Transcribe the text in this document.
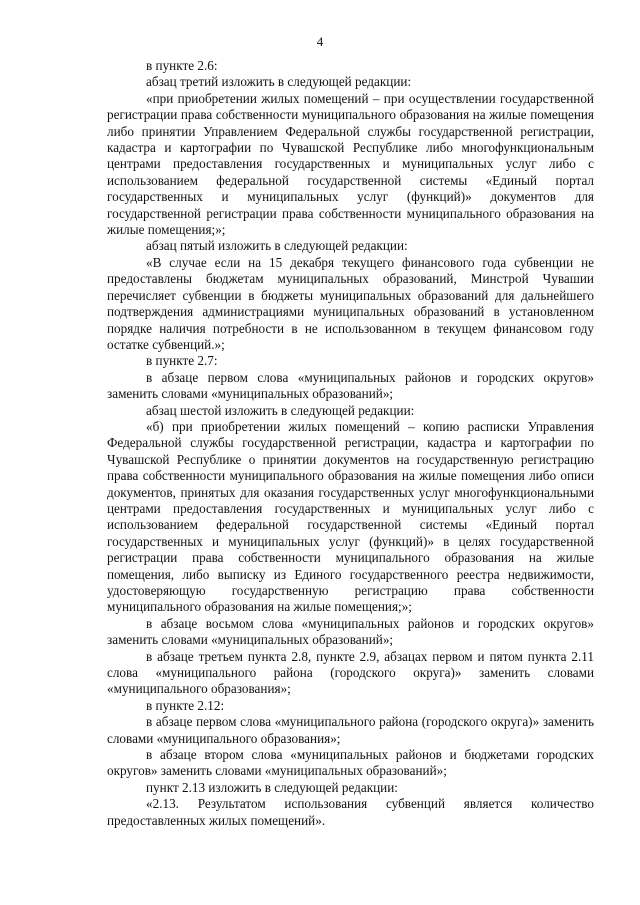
4

в пункте 2.6:

абзац третий изложить в следующей редакции:

«при приобретении жилых помещений – при осуществлении государственной регистрации права собственности муниципального образования на жилые помещения либо принятии Управлением Федеральной службы государственной регистрации, кадастра и картографии по Чувашской Республике либо многофункциональным центрами предоставления государственных и муниципальных услуг либо с использованием федеральной государственной системы «Единый портал государственных и муниципальных услуг (функций)» документов для государственной регистрации права собственности муниципального образования на жилые помещения;»;

абзац пятый изложить в следующей редакции:

«В случае если на 15 декабря текущего финансового года субвенции не предоставлены бюджетам муниципальных образований, Минстрой Чувашии перечисляет субвенции в бюджеты муниципальных образований для дальнейшего подтверждения администрациями муниципальных образований в установленном порядке наличия потребности в не использованном в текущем финансовом году остатке субвенций.»;

в пункте 2.7:

в абзаце первом слова «муниципальных районов и городских округов» заменить словами «муниципальных образований»;

абзац шестой изложить в следующей редакции:

«б) при приобретении жилых помещений – копию расписки Управления Федеральной службы государственной регистрации, кадастра и картографии по Чувашской Республике о принятии документов на государственную регистрацию права собственности муниципального образования на жилые помещения либо описи документов, принятых для оказания государственных услуг многофункциональными центрами предоставления государственных и муниципальных услуг либо с использованием федеральной государственной системы «Единый портал государственных и муниципальных услуг (функций)» в целях государственной регистрации права собственности муниципального образования на жилые помещения, либо выписку из Единого государственного реестра недвижимости, удостоверяющую государственную регистрацию права собственности муниципального образования на жилые помещения;»;

в абзаце восьмом слова «муниципальных районов и городских округов» заменить словами «муниципальных образований»;

в абзаце третьем пункта 2.8, пункте 2.9, абзацах первом и пятом пункта 2.11 слова «муниципального района (городского округа)» заменить словами «муниципального образования»;

в пункте 2.12:

в абзаце первом слова «муниципального района (городского округа)» заменить словами «муниципального образования»;

в абзаце втором слова «муниципальных районов и бюджетами городских округов» заменить словами «муниципальных образований»;

пункт 2.13 изложить в следующей редакции:

«2.13. Результатом использования субвенций является количество предоставленных жилых помещений».
